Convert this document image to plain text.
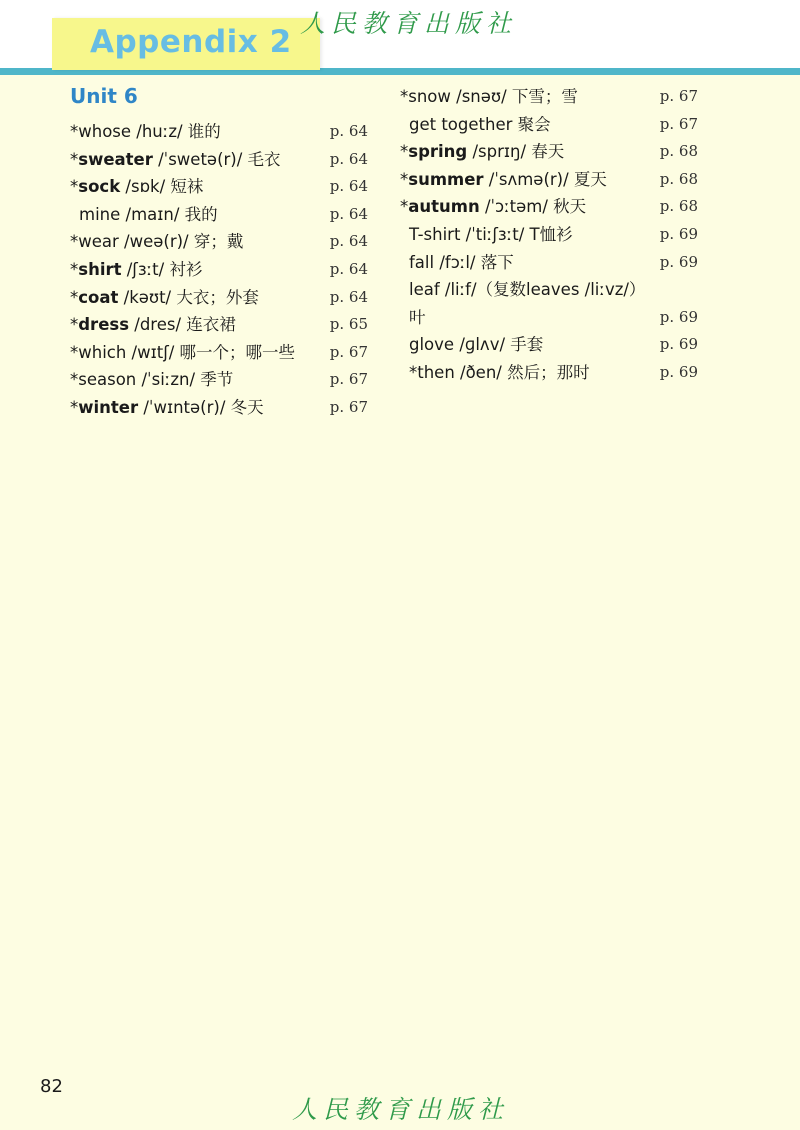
Appendix 2
人民教育出版社
Unit 6
*whose /huːz/ 谁的	p. 64
*sweater /ˈswetə(r)/ 毛衣	p. 64
*sock /sɒk/ 短袜	p. 64
mine /maɪn/ 我的	p. 64
*wear /weə(r)/ 穿；戴	p. 64
*shirt /ʃɜːt/ 衬衫	p. 64
*coat /kəʊt/ 大衣；外套	p. 64
*dress /dres/ 连衣裙	p. 65
*which /wɪtʃ/ 哪一个；哪一些 p. 67
*season /ˈsiːzn/ 季节	p. 67
*winter /ˈwɪntə(r)/ 冬天	p. 67
*snow /snəʊ/ 下雪；雪	p. 67
get together 聚会	p. 67
*spring /sprɪŋ/ 春天	p. 68
*summer /ˈsʌmə(r)/ 夏天	p. 68
*autumn /ˈɔːtəm/ 秋天	p. 68
T-shirt /ˈtiːʃɜːt/ T恤衫	p. 69
fall /fɔːl/ 落下	p. 69
leaf /liːf/（复数leaves /liːvz/）
叶	p. 69
glove /ɡlʌv/ 手套	p. 69
*then /ðen/ 然后；那时	p. 69
82
人民教育出版社
